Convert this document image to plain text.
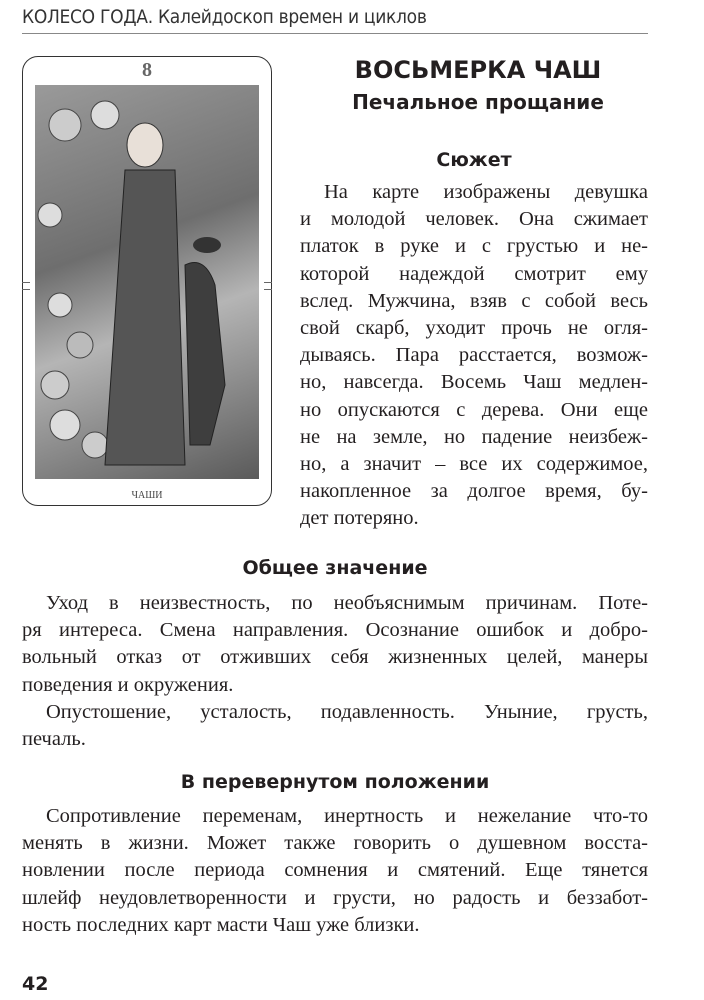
КОЛЕСО ГОДА. Калейдоскоп времен и циклов
8
ЧАШИ
ВОСЬМЕРКА ЧАШ
Печальное прощание
Сюжет
На карте изображены девушка
и молодой человек. Она сжимает
платок в руке и с грустью и не-
которой надеждой смотрит ему
вслед. Мужчина, взяв с собой весь
свой скарб, уходит прочь не огля-
дываясь. Пара расстается, возмож-
но, навсегда. Восемь Чаш медлен-
но опускаются с дерева. Они еще
не на земле, но падение неизбеж-
но, а значит – все их содержимое,
накопленное за долгое время, бу-
дет потеряно.
Общее значение
Уход в неизвестность, по необъяснимым причинам. Поте-
ря интереса. Смена направления. Осознание ошибок и добро-
вольный отказ от отживших себя жизненных целей, манеры
поведения и окружения.
Опустошение, усталость, подавленность. Уныние, грусть,
печаль.
В перевернутом положении
Сопротивление переменам, инертность и нежелание что-то
менять в жизни. Может также говорить о душевном восста-
новлении после периода сомнения и смятений. Еще тянется
шлейф неудовлетворенности и грусти, но радость и беззабот-
ность последних карт масти Чаш уже близки.
42
